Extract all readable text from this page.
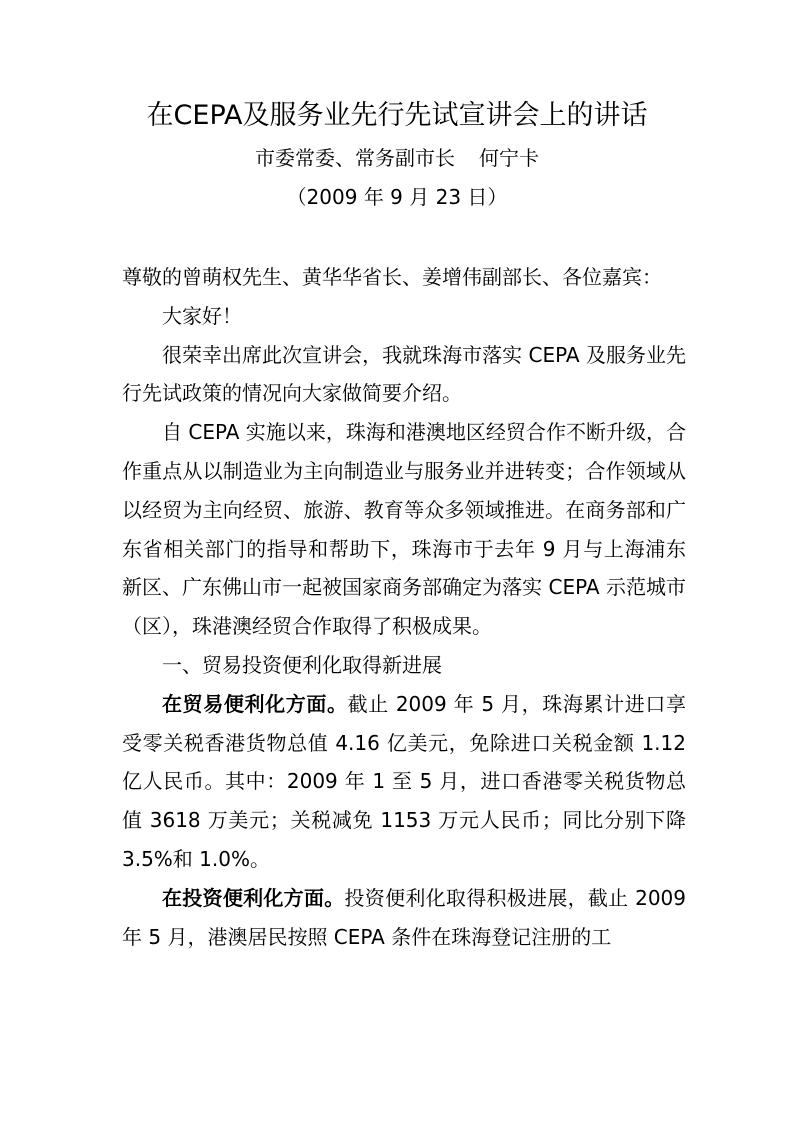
在CEPA及服务业先行先试宣讲会上的讲话
市委常委、常务副市长 何宁卡
（2009 年 9 月 23 日）

尊敬的曾萌权先生、黄华华省长、姜增伟副部长、各位嘉宾：

大家好！

很荣幸出席此次宣讲会，我就珠海市落实 CEPA 及服务业先行先试政策的情况向大家做简要介绍。

自 CEPA 实施以来，珠海和港澳地区经贸合作不断升级，合作重点从以制造业为主向制造业与服务业并进转变；合作领域从以经贸为主向经贸、旅游、教育等众多领域推进。在商务部和广东省相关部门的指导和帮助下，珠海市于去年 9 月与上海浦东新区、广东佛山市一起被国家商务部确定为落实 CEPA 示范城市（区），珠港澳经贸合作取得了积极成果。

一、贸易投资便利化取得新进展

在贸易便利化方面。截止 2009 年 5 月，珠海累计进口享受零关税香港货物总值 4.16 亿美元，免除进口关税金额 1.12 亿人民币。其中：2009 年 1 至 5 月，进口香港零关税货物总值 3618 万美元；关税减免 1153 万元人民币；同比分别下降 3.5%和 1.0%。

在投资便利化方面。投资便利化取得积极进展，截止 2009 年 5 月，港澳居民按照 CEPA 条件在珠海登记注册的工
